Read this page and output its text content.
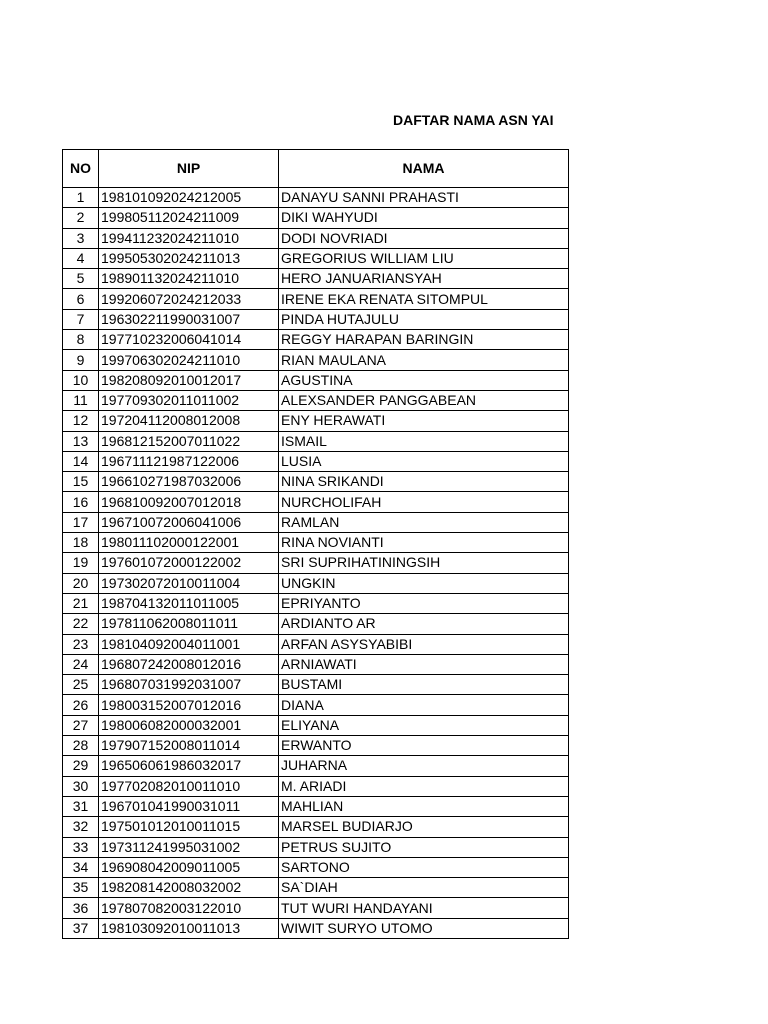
DAFTAR NAMA ASN YAI
NO	NIP	NAMA
1	198101092024212005	DANAYU SANNI PRAHASTI
2	199805112024211009	DIKI WAHYUDI
3	199411232024211010	DODI NOVRIADI
4	199505302024211013	GREGORIUS WILLIAM LIU
5	198901132024211010	HERO JANUARIANSYAH
6	199206072024212033	IRENE EKA RENATA SITOMPUL
7	196302211990031007	PINDA HUTAJULU
8	197710232006041014	REGGY HARAPAN BARINGIN
9	199706302024211010	RIAN MAULANA
10	198208092010012017	AGUSTINA
11	197709302011011002	ALEXSANDER PANGGABEAN
12	197204112008012008	ENY HERAWATI
13	196812152007011022	ISMAIL
14	196711121987122006	LUSIA
15	196610271987032006	NINA SRIKANDI
16	196810092007012018	NURCHOLIFAH
17	196710072006041006	RAMLAN
18	198011102000122001	RINA NOVIANTI
19	197601072000122002	SRI SUPRIHATININGSIH
20	197302072010011004	UNGKIN
21	198704132011011005	EPRIYANTO
22	197811062008011011	ARDIANTO AR
23	198104092004011001	ARFAN ASYSYABIBI
24	196807242008012016	ARNIAWATI
25	196807031992031007	BUSTAMI
26	198003152007012016	DIANA
27	198006082000032001	ELIYANA
28	197907152008011014	ERWANTO
29	196506061986032017	JUHARNA
30	197702082010011010	M. ARIADI
31	196701041990031011	MAHLIAN
32	197501012010011015	MARSEL BUDIARJO
33	197311241995031002	PETRUS SUJITO
34	196908042009011005	SARTONO
35	198208142008032002	SA`DIAH
36	197807082003122010	TUT WURI HANDAYANI
37	198103092010011013	WIWIT SURYO UTOMO
